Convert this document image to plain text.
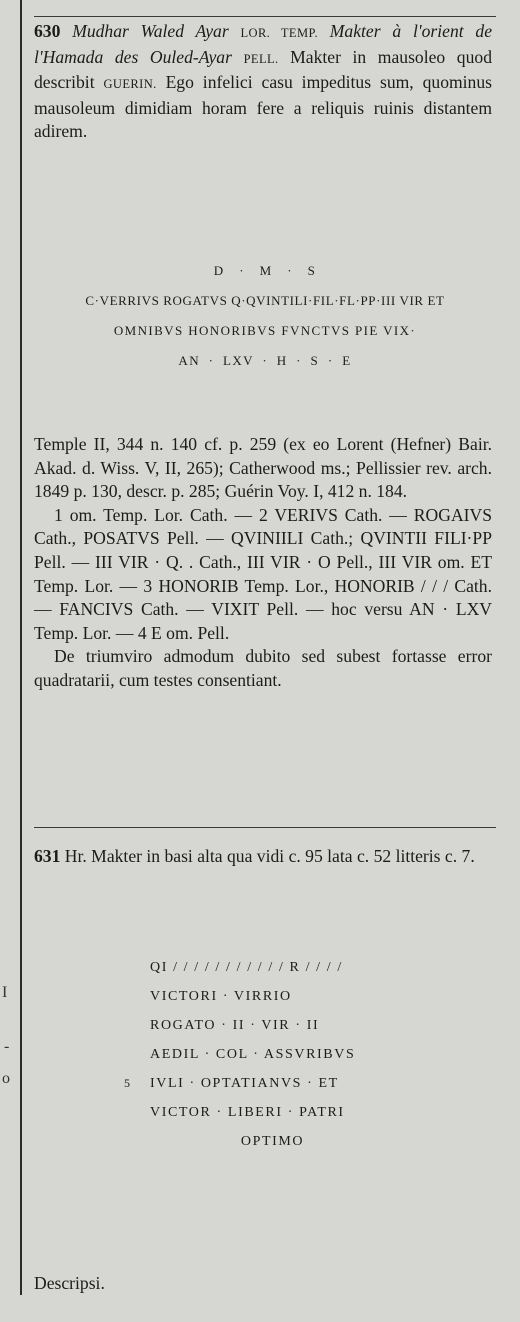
I
-
o

630 Mudhar Waled Ayar LOR. TEMP. Makter à l'orient de l'Hamada des Ouled-Ayar PELL. Makter in mausoleo quod describit GUERIN. Ego infelici casu impeditus sum, quominus mausoleum dimidiam horam fere a reliquis ruinis distantem adirem.

D · M · S
C·VERRIVS ROGATVS Q·QVINTILI·FIL·FL·PP·III VIR ET
OMNIBVS HONORIBVS FVNCTVS PIE VIX·
AN · LXV · H · S · E

Temple II, 344 n. 140 cf. p. 259 (ex eo Lorent (Hefner) Bair. Akad. d. Wiss. V, II, 265); Catherwood ms.; Pellissier rev. arch. 1849 p. 130, descr. p. 285; Guérin Voy. I, 412 n. 184.

1 om. Temp. Lor. Cath. — 2 VERIVS Cath. — ROGAIVS Cath., POSATVS Pell. — QVINIILI Cath.; QVINTII FILI·PP Pell. — III VIR · Q. . Cath., III VIR · O Pell., III VIR om. ET Temp. Lor. — 3 HONORIB Temp. Lor., HONORIB / / / Cath. — FANCIVS Cath. — VIXIT Pell. — hoc versu AN · LXV Temp. Lor. — 4 E om. Pell.

De triumviro admodum dubito sed subest fortasse error quadratarii, cum testes consentiant.

631 Hr. Makter in basi alta qua vidi c. 95 lata c. 52 litteris c. 7.

QI / / / / / / / / / / / R / / / /
VICTORI · VIRRIO
ROGATO · II · VIR · II
AEDIL · COL · ASSVRIBVS
5 IVLI · OPTATIANVS · ET
VICTOR · LIBERI · PATRI
OPTIMO

Descripsi.
